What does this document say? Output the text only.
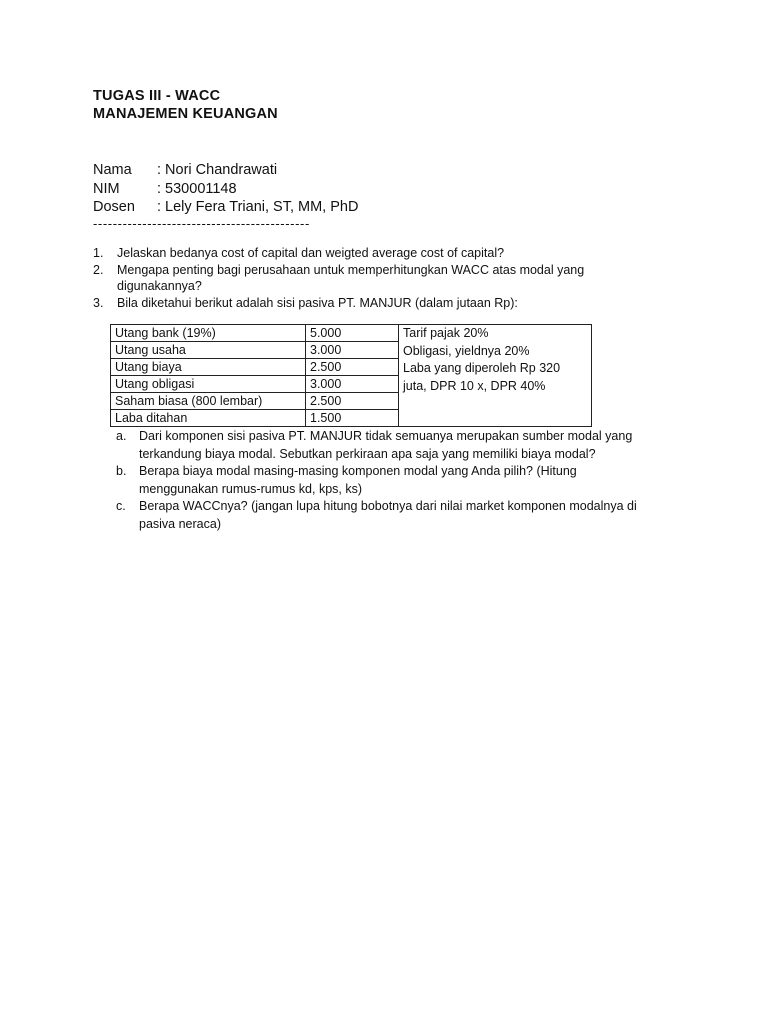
TUGAS III - WACC
MANAJEMEN KEUANGAN
Nama : Nori Chandrawati
NIM	: 530001148
Dosen : Lely Fera Triani, ST, MM, PhD
--------------------------------------------
1. Jelaskan bedanya cost of capital dan weigted average cost of capital?
2. Mengapa penting bagi perusahaan untuk memperhitungkan WACC atas modal yang digunakannya?
3. Bila diketahui berikut adalah sisi pasiva PT. MANJUR (dalam jutaan Rp):
Utang bank (19%)	5.000	Tarif pajak 20%
Obligasi, yieldnya 20%
Laba yang diperoleh Rp 320 juta, DPR 10 x, DPR 40%

Utang usaha	3.000	
Utang biaya	2.500	
Utang obligasi	3.000	
Saham biasa (800 lembar)	2.500	
Laba ditahan	1.500	
a. Dari komponen sisi pasiva PT. MANJUR tidak semuanya merupakan sumber modal yang terkandung biaya modal. Sebutkan perkiraan apa saja yang memiliki biaya modal?
b. Berapa biaya modal masing-masing komponen modal yang Anda pilih? (Hitung menggunakan rumus-rumus kd, kps, ks)
c. Berapa WACCnya? (jangan lupa hitung bobotnya dari nilai market komponen modalnya di pasiva neraca)
